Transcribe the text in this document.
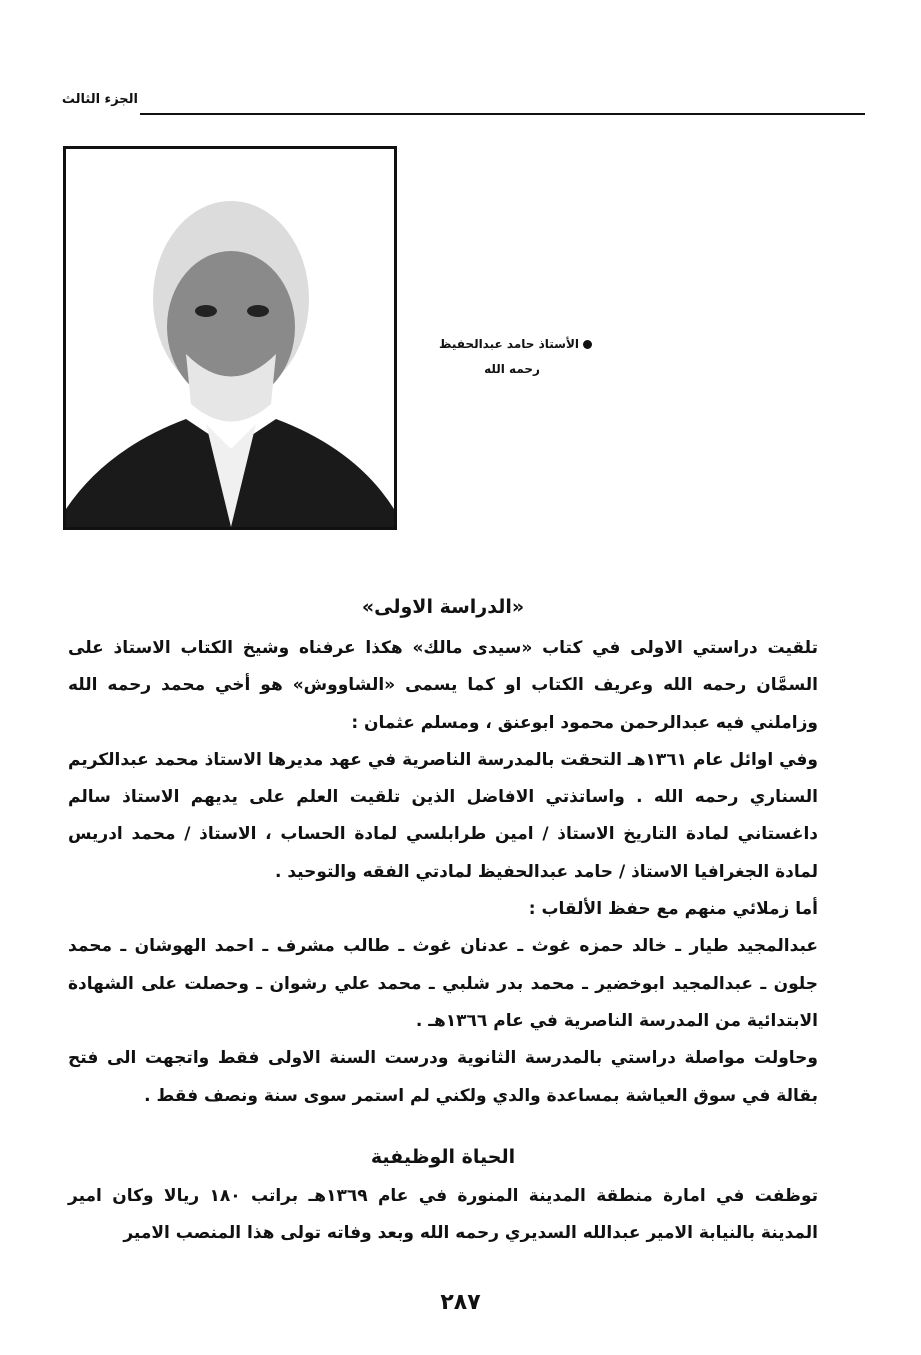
الجزء الثالث
الأستاذ حامد عبدالحفيظ
رحمه الله
«الدراسة الاولى»

تلقيت دراستي الاولى في كتاب «سيدى مالك» هكذا عرفناه وشيخ الكتاب الاستاذ على السمَّان رحمه الله وعريف الكتاب او كما يسمى «الشاووش» هو أخي محمد رحمه الله وزاملني فيه عبدالرحمن محمود ابوعنق ، ومسلم عثمان :

وفي اوائل عام ١٣٦١هـ التحقت بالمدرسة الناصرية في عهد مديرها الاستاذ محمد عبدالكريم السناري رحمه الله . واساتذتي الافاضل الذين تلقيت العلم على يديهم الاستاذ سالم داغستاني لمادة التاريخ الاستاذ / امين طرابلسي لمادة الحساب ، الاستاذ / محمد ادريس لمادة الجغرافيا الاستاذ / حامد عبدالحفيظ لمادتي الفقه والتوحيد .

أما زملائي منهم مع حفظ الألقاب :

عبدالمجيد طيار ـ خالد حمزه غوث ـ عدنان غوث ـ طالب مشرف ـ احمد الهوشان ـ محمد جلون ـ عبدالمجيد ابوخضير ـ محمد بدر شلبي ـ محمد علي رشوان ـ وحصلت على الشهادة الابتدائية من المدرسة الناصرية في عام ١٣٦٦هـ .

وحاولت مواصلة دراستي بالمدرسة الثانوية ودرست السنة الاولى فقط واتجهت الى فتح بقالة في سوق العياشة بمساعدة والدي ولكني لم استمر سوى سنة ونصف فقط .

الحياة الوظيفية

توظفت في امارة منطقة المدينة المنورة في عام ١٣٦٩هـ براتب ١٨٠ ريالا وكان امير المدينة بالنيابة الامير عبدالله السديري رحمه الله وبعد وفاته تولى هذا المنصب الامير

٢٨٧
